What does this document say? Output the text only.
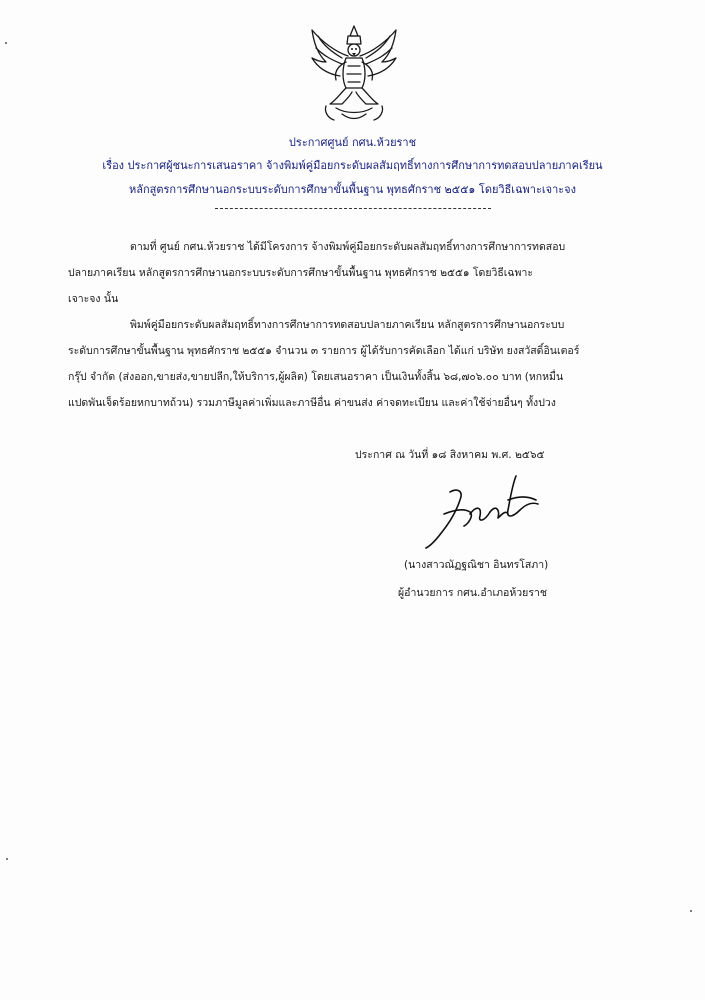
ประกาศศูนย์ กศน.ห้วยราช
เรื่อง ประกาศผู้ชนะการเสนอราคา จ้างพิมพ์คู่มือยกระดับผลสัมฤทธิ์ทางการศึกษาการทดสอบปลายภาคเรียน
หลักสูตรการศึกษานอกระบบระดับการศึกษาขั้นพื้นฐาน พุทธศักราช ๒๕๕๑ โดยวิธีเฉพาะเจาะจง
ตามที่ ศูนย์ กศน.ห้วยราช ได้มีโครงการ จ้างพิมพ์คู่มือยกระดับผลสัมฤทธิ์ทางการศึกษาการทดสอบ
ปลายภาคเรียน หลักสูตรการศึกษานอกระบบระดับการศึกษาขั้นพื้นฐาน พุทธศักราช ๒๕๕๑ โดยวิธีเฉพาะ
เจาะจง นั้น
พิมพ์คู่มือยกระดับผลสัมฤทธิ์ทางการศึกษาการทดสอบปลายภาคเรียน หลักสูตรการศึกษานอกระบบ
ระดับการศึกษาขั้นพื้นฐาน พุทธศักราช ๒๕๕๑ จำนวน ๓ รายการ ผู้ได้รับการคัดเลือก ได้แก่ บริษัท ยงสวัสดิ์อินเตอร์
กรุ๊ป จำกัด (ส่งออก,ขายส่ง,ขายปลีก,ให้บริการ,ผู้ผลิต) โดยเสนอราคา เป็นเงินทั้งสิ้น ๖๘,๗๐๖.๐๐ บาท (หกหมื่น
แปดพันเจ็ดร้อยหกบาทถ้วน) รวมภาษีมูลค่าเพิ่มและภาษีอื่น ค่าขนส่ง ค่าจดทะเบียน และค่าใช้จ่ายอื่นๆ ทั้งปวง
ประกาศ ณ วันที่ ๑๘ สิงหาคม พ.ศ. ๒๕๖๕
(นางสาวณัฏฐณิชา อินทรโสภา)
ผู้อำนวยการ กศน.อำเภอห้วยราช
